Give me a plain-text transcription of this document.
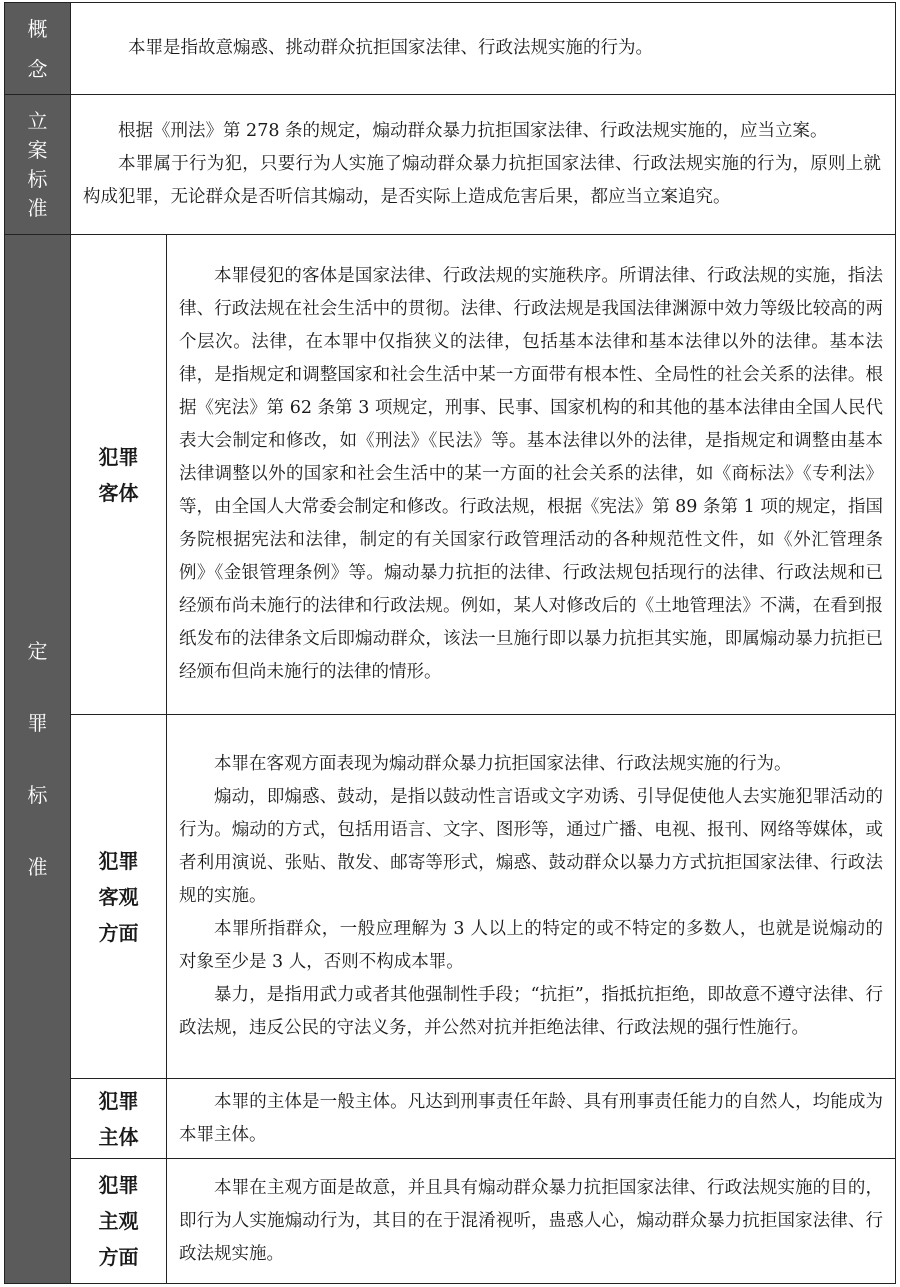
概念

本罪是指故意煽惑、挑动群众抗拒国家法律、行政法规实施的行为。

立案标准

根据《刑法》第 278 条的规定，煽动群众暴力抗拒国家法律、行政法规实施的，应当立案。

本罪属于行为犯，只要行为人实施了煽动群众暴力抗拒国家法律、行政法规实施的行为，原则上就构成犯罪，无论群众是否听信其煽动，是否实际上造成危害后果，都应当立案追究。

定罪标准
犯罪客体

本罪侵犯的客体是国家法律、行政法规的实施秩序。所谓法律、行政法规的实施，指法律、行政法规在社会生活中的贯彻。法律、行政法规是我国法律渊源中效力等级比较高的两个层次。法律，在本罪中仅指狭义的法律，包括基本法律和基本法律以外的法律。基本法律，是指规定和调整国家和社会生活中某一方面带有根本性、全局性的社会关系的法律。根据《宪法》第 62 条第 3 项规定，刑事、民事、国家机构的和其他的基本法律由全国人民代表大会制定和修改，如《刑法》《民法》等。基本法律以外的法律，是指规定和调整由基本法律调整以外的国家和社会生活中的某一方面的社会关系的法律，如《商标法》《专利法》等，由全国人大常委会制定和修改。行政法规，根据《宪法》第 89 条第 1 项的规定，指国务院根据宪法和法律，制定的有关国家行政管理活动的各种规范性文件，如《外汇管理条例》《金银管理条例》等。煽动暴力抗拒的法律、行政法规包括现行的法律、行政法规和已经颁布尚未施行的法律和行政法规。例如，某人对修改后的《土地管理法》不满，在看到报纸发布的法律条文后即煽动群众，该法一旦施行即以暴力抗拒其实施，即属煽动暴力抗拒已经颁布但尚未施行的法律的情形。

犯罪客观方面

本罪在客观方面表现为煽动群众暴力抗拒国家法律、行政法规实施的行为。

煽动，即煽惑、鼓动，是指以鼓动性言语或文字劝诱、引导促使他人去实施犯罪活动的行为。煽动的方式，包括用语言、文字、图形等，通过广播、电视、报刊、网络等媒体，或者利用演说、张贴、散发、邮寄等形式，煽惑、鼓动群众以暴力方式抗拒国家法律、行政法规的实施。

本罪所指群众，一般应理解为 3 人以上的特定的或不特定的多数人，也就是说煽动的对象至少是 3 人，否则不构成本罪。

暴力，是指用武力或者其他强制性手段；“抗拒”，指抵抗拒绝，即故意不遵守法律、行政法规，违反公民的守法义务，并公然对抗并拒绝法律、行政法规的强行性施行。

犯罪主体

本罪的主体是一般主体。凡达到刑事责任年龄、具有刑事责任能力的自然人，均能成为本罪主体。

犯罪主观方面

本罪在主观方面是故意，并且具有煽动群众暴力抗拒国家法律、行政法规实施的目的，即行为人实施煽动行为，其目的在于混淆视听，蛊惑人心，煽动群众暴力抗拒国家法律、行政法规实施。
